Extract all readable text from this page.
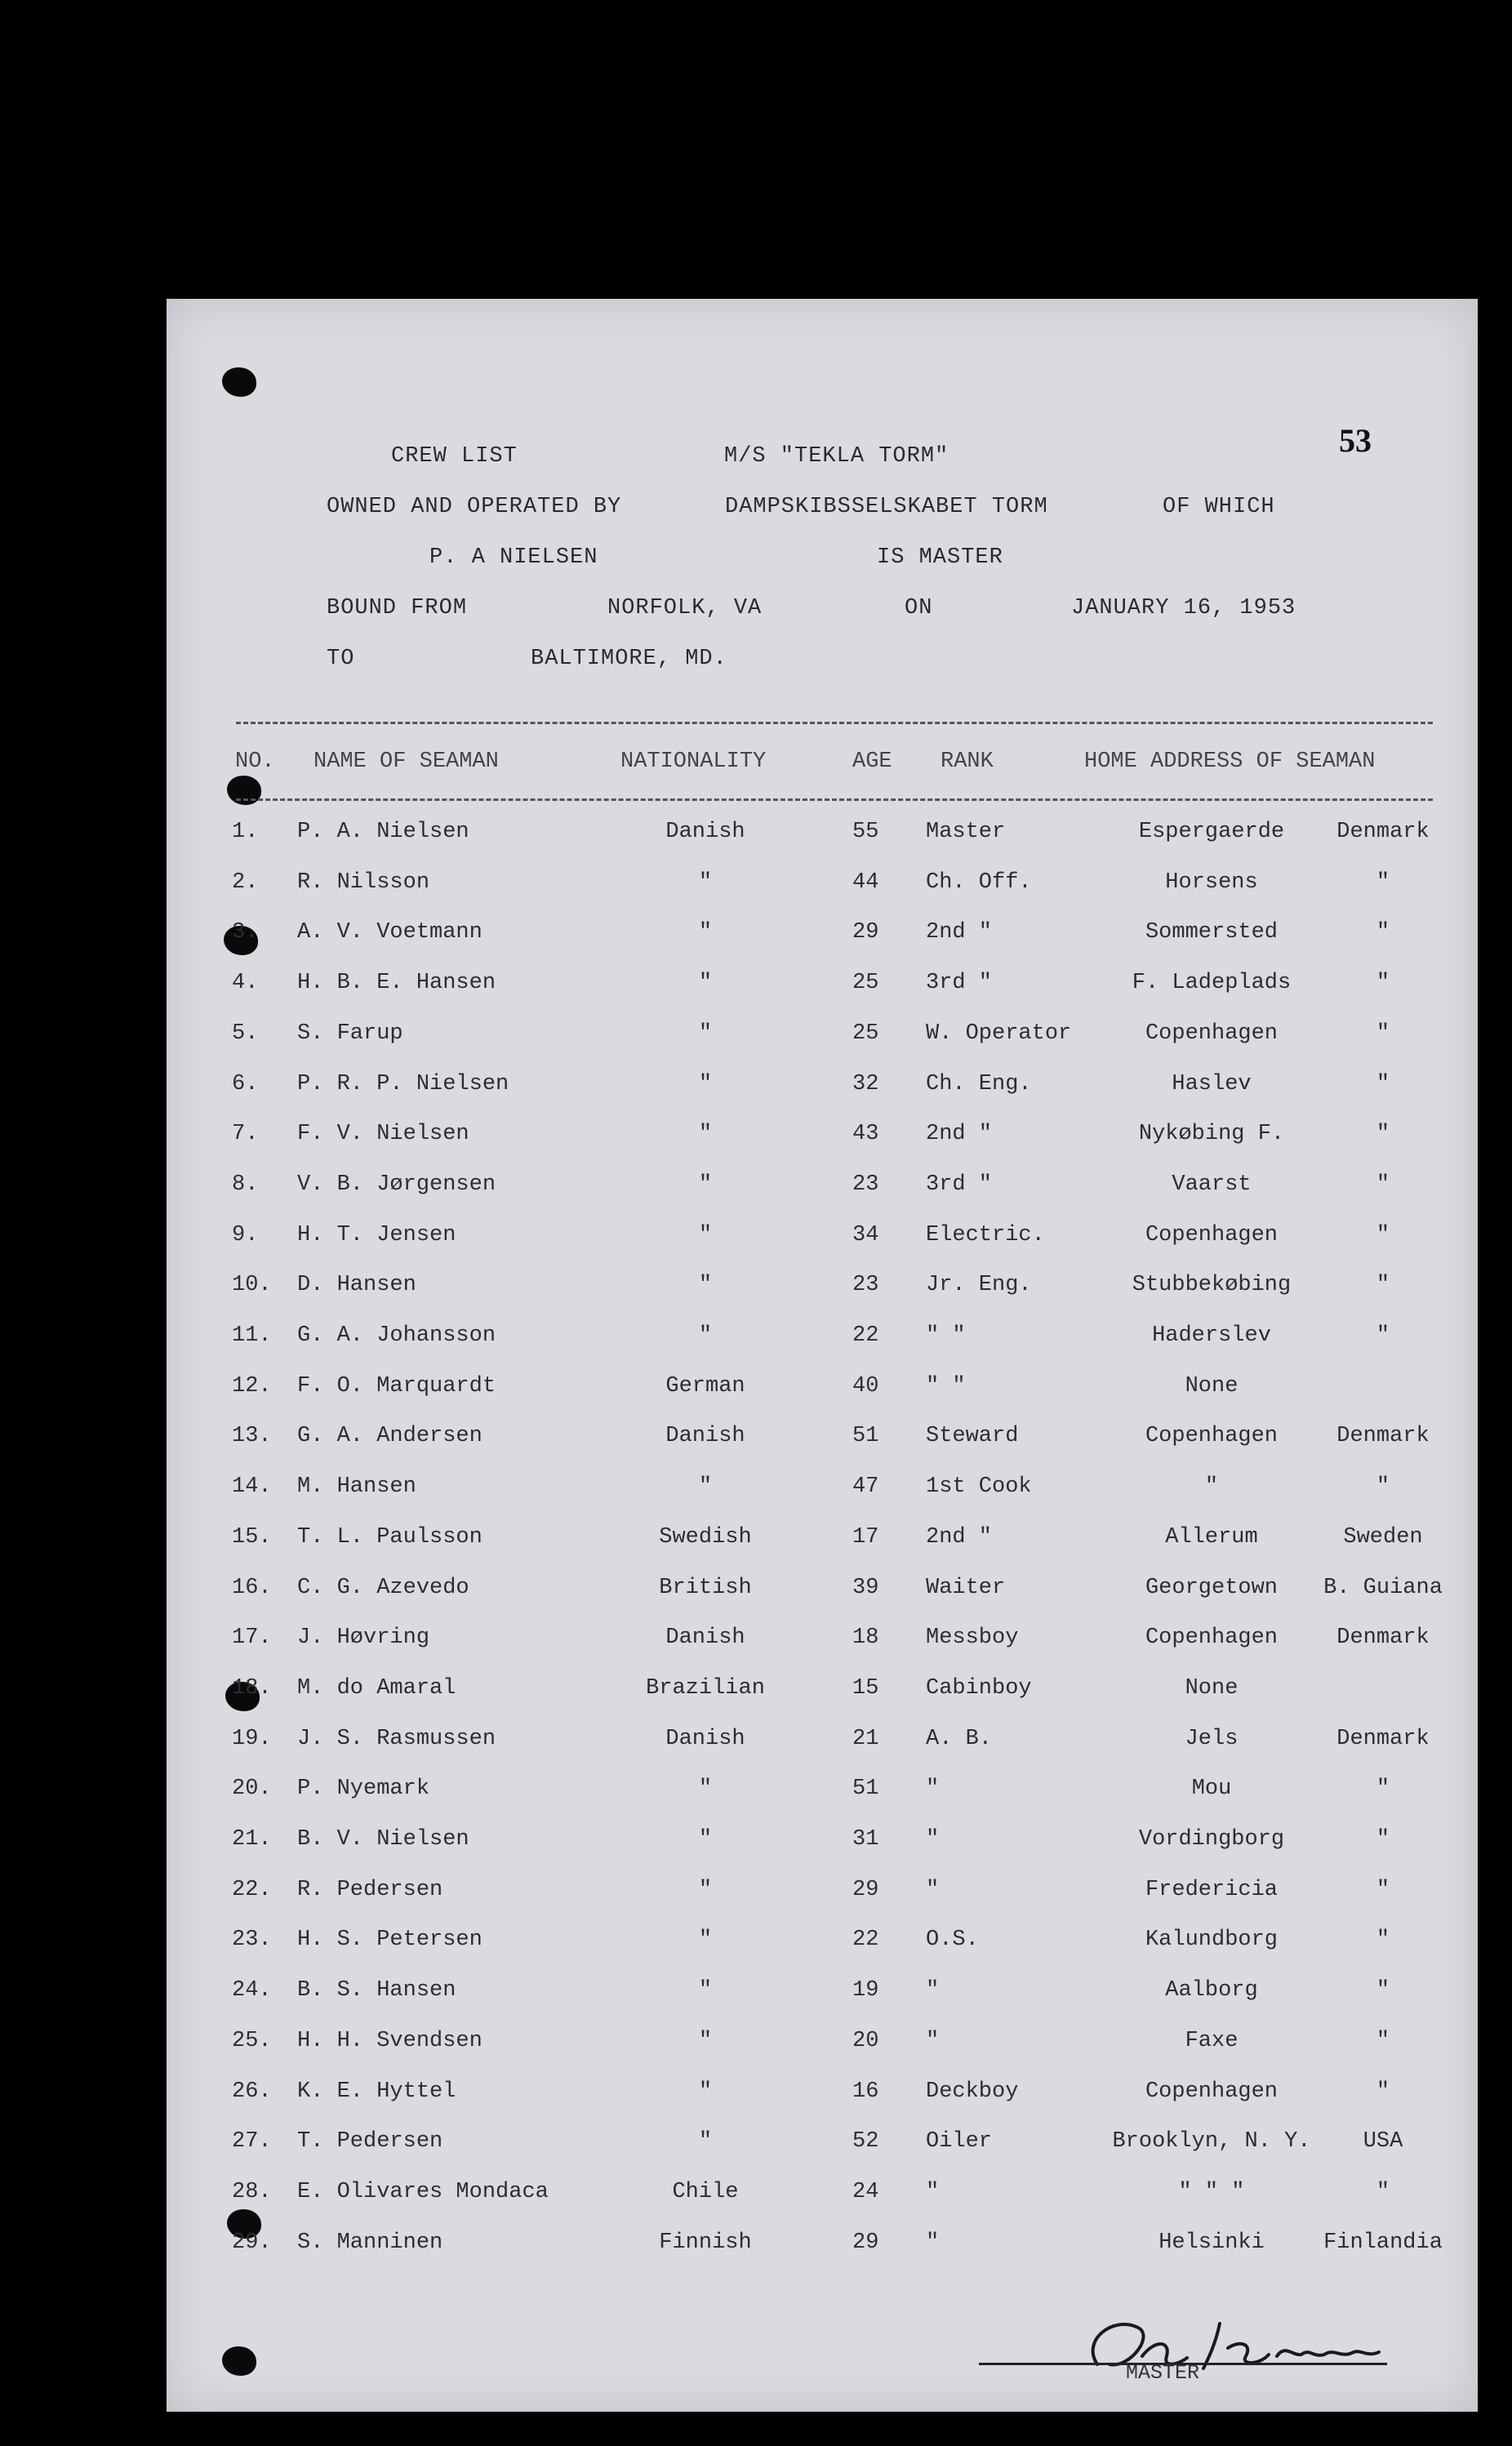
53
CREW LIST	M/S "TEKLA TORM"
OWNED AND OPERATED BY	DAMPSKIBSSELSKABET TORM	OF WHICH
P. A NIELSEN	IS MASTER
BOUND FROM	NORFOLK, VA	ON	JANUARY 16, 1953
TO	BALTIMORE, MD.
NO. NAME OF SEAMAN	NATIONALITY	AGE RANK	HOME ADDRESS OF SEAMAN
1. P. A. Nielsen	Danish	55 Master	Espergaerde	Denmark
2. R. Nilsson	"	44 Ch. Off.	Horsens	"
3. A. V. Voetmann	"	29 2nd "	Sommersted	"
4. H. B. E. Hansen	"	25 3rd "	F. Ladeplads	"
5. S. Farup	"	25 W. Operator	Copenhagen	"
6. P. R. P. Nielsen	"	32 Ch. Eng.	Haslev	"
7. F. V. Nielsen	"	43 2nd "	Nykøbing F.	"
8. V. B. Jørgensen	"	23 3rd "	Vaarst	"
9. H. T. Jensen	"	34 Electric.	Copenhagen	"
10. D. Hansen	"	23 Jr. Eng.	Stubbekøbing	"
11. G. A. Johansson	"	22 " "	Haderslev	"
12. F. O. Marquardt	German	40 " "	None
13. G. A. Andersen	Danish	51 Steward	Copenhagen	Denmark
14. M. Hansen	"	47 1st Cook	"	"
15. T. L. Paulsson	Swedish	17 2nd "	Allerum	Sweden
16. C. G. Azevedo	British	39 Waiter	Georgetown	B. Guiana
17. J. Høvring	Danish	18 Messboy	Copenhagen	Denmark
18. M. do Amaral	Brazilian	15 Cabinboy	None
19. J. S. Rasmussen	Danish	21 A. B.	Jels	Denmark
20. P. Nyemark	"	51 "	Mou	"
21. B. V. Nielsen	"	31 "	Vordingborg	"
22. R. Pedersen	"	29 "	Fredericia	"
23. H. S. Petersen	"	22 O.S.	Kalundborg	"
24. B. S. Hansen	"	19 "	Aalborg	"
25. H. H. Svendsen	"	20 "	Faxe	"
26. K. E. Hyttel	"	16 Deckboy	Copenhagen	"
27. T. Pedersen	"	52 Oiler	Brooklyn, N. Y.	USA
28. E. Olivares Mondaca	Chile	24 "	" " "	"
29. S. Manninen	Finnish	29 "	Helsinki	Finlandia
MASTER
